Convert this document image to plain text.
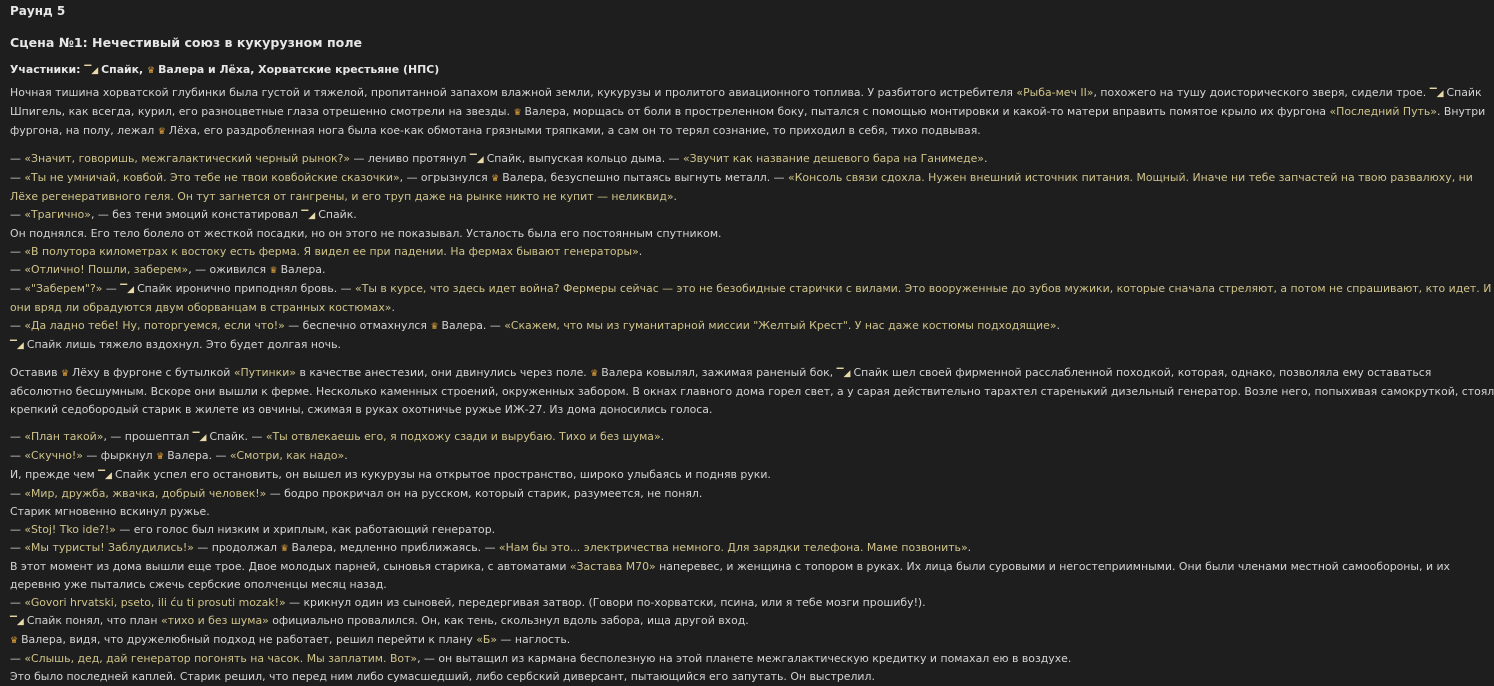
Раунд 5
Сцена №1: Нечестивый союз в кукурузном поле
Участники: ▔◢ Спайк, ♛ Валера и Лёха, Хорватские крестьяне (НПС)

Ночная тишина хорватской глубинки была густой и тяжелой, пропитанной запахом влажной земли, кукурузы и пролитого авиационного топлива. У разбитого истребителя «Рыба-меч II», похожего на тушу доисторического зверя, сидели трое. ▔◢ Спайк
Шпигель, как всегда, курил, его разноцветные глаза отрешенно смотрели на звезды. ♛ Валера, морщась от боли в простреленном боку, пытался с помощью монтировки и какой-то матери вправить помятое крыло их фургона «Последний Путь». Внутри
фургона, на полу, лежал ♛ Лёха, его раздробленная нога была кое-как обмотана грязными тряпками, а сам он то терял сознание, то приходил в себя, тихо подвывая.

— «Значит, говоришь, межгалактический черный рынок?» — лениво протянул ▔◢ Спайк, выпуская кольцо дыма. — «Звучит как название дешевого бара на Ганимеде».
— «Ты не умничай, ковбой. Это тебе не твои ковбойские сказочки», — огрызнулся ♛ Валера, безуспешно пытаясь выгнуть металл. — «Консоль связи сдохла. Нужен внешний источник питания. Мощный. Иначе ни тебе запчастей на твою развалюху, ни
Лёхе регенеративного геля. Он тут загнется от гангрены, и его труп даже на рынке никто не купит — неликвид».
— «Трагично», — без тени эмоций констатировал ▔◢ Спайк.
Он поднялся. Его тело болело от жесткой посадки, но он этого не показывал. Усталость была его постоянным спутником.
— «В полутора километрах к востоку есть ферма. Я видел ее при падении. На фермах бывают генераторы».
— «Отлично! Пошли, заберем», — оживился ♛ Валера.
— «"Заберем"?» — ▔◢ Спайк иронично приподнял бровь. — «Ты в курсе, что здесь идет война? Фермеры сейчас — это не безобидные старички с вилами. Это вооруженные до зубов мужики, которые сначала стреляют, а потом не спрашивают, кто идет. И
они вряд ли обрадуются двум оборванцам в странных костюмах».
— «Да ладно тебе! Ну, поторгуемся, если что!» — беспечно отмахнулся ♛ Валера. — «Скажем, что мы из гуманитарной миссии "Желтый Крест". У нас даже костюмы подходящие».
▔◢ Спайк лишь тяжело вздохнул. Это будет долгая ночь.

Оставив ♛ Лёху в фургоне с бутылкой «Путинки» в качестве анестезии, они двинулись через поле. ♛ Валера ковылял, зажимая раненый бок, ▔◢ Спайк шел своей фирменной расслабленной походкой, которая, однако, позволяла ему оставаться
абсолютно бесшумным. Вскоре они вышли к ферме. Несколько каменных строений, окруженных забором. В окнах главного дома горел свет, а у сарая действительно тарахтел старенький дизельный генератор. Возле него, попыхивая самокруткой, стоял
крепкий седобородый старик в жилете из овчины, сжимая в руках охотничье ружье ИЖ-27. Из дома доносились голоса.

— «План такой», — прошептал ▔◢ Спайк. — «Ты отвлекаешь его, я подхожу сзади и вырубаю. Тихо и без шума».
— «Скучно!» — фыркнул ♛ Валера. — «Смотри, как надо».
И, прежде чем ▔◢ Спайк успел его остановить, он вышел из кукурузы на открытое пространство, широко улыбаясь и подняв руки.
— «Мир, дружба, жвачка, добрый человек!» — бодро прокричал он на русском, который старик, разумеется, не понял.
Старик мгновенно вскинул ружье.
— «Stoj! Tko ide?!» — его голос был низким и хриплым, как работающий генератор.
— «Мы туристы! Заблудились!» — продолжал ♛ Валера, медленно приближаясь. — «Нам бы это... электричества немного. Для зарядки телефона. Маме позвонить».
В этот момент из дома вышли еще трое. Двое молодых парней, сыновья старика, с автоматами «Застава М70» наперевес, и женщина с топором в руках. Их лица были суровыми и негостеприимными. Они были членами местной самообороны, и их
деревню уже пытались сжечь сербские ополченцы месяц назад.
— «Govori hrvatski, pseto, ili ću ti prosuti mozak!» — крикнул один из сыновей, передергивая затвор. (Говори по-хорватски, псина, или я тебе мозги прошибу!).
▔◢ Спайк понял, что план «тихо и без шума» официально провалился. Он, как тень, скользнул вдоль забора, ища другой вход.
♛ Валера, видя, что дружелюбный подход не работает, решил перейти к плану «Б» — наглость.
— «Слышь, дед, дай генератор погонять на часок. Мы заплатим. Вот», — он вытащил из кармана бесполезную на этой планете межгалактическую кредитку и помахал ею в воздухе.
Это было последней каплей. Старик решил, что перед ним либо сумасшедший, либо сербский диверсант, пытающийся его запутать. Он выстрелил.
